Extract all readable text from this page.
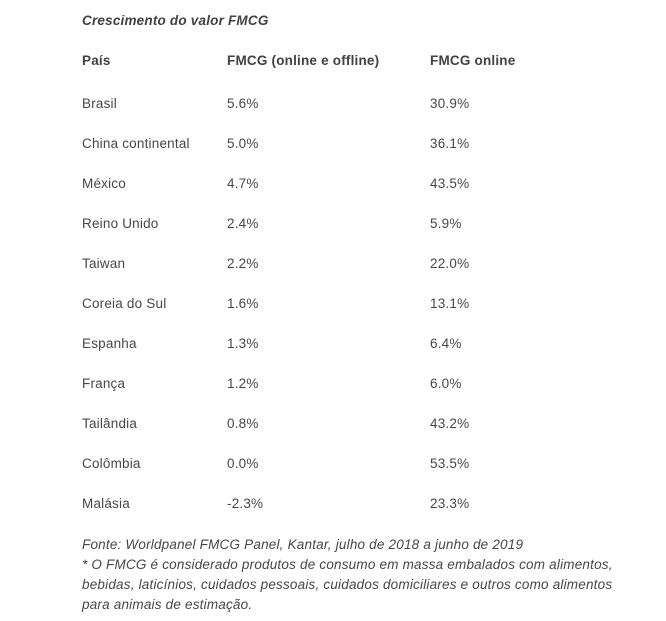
Crescimento do valor FMCG
País	FMCG (online e offline)	FMCG online
Brasil	5.6%	30.9%
China continental	5.0%	36.1%
México	4.7%	43.5%
Reino Unido	2.4%	5.9%
Taiwan	2.2%	22.0%
Coreia do Sul	1.6%	13.1%
Espanha	1.3%	6.4%
França	1.2%	6.0%
Tailândia	0.8%	43.2%
Colômbia	0.0%	53.5%
Malásia	-2.3%	23.3%
Fonte: Worldpanel FMCG Panel, Kantar, julho de 2018 a junho de 2019
* O FMCG é considerado produtos de consumo em massa embalados com alimentos,
bebidas, laticínios, cuidados pessoais, cuidados domiciliares e outros como alimentos
para animais de estimação.
